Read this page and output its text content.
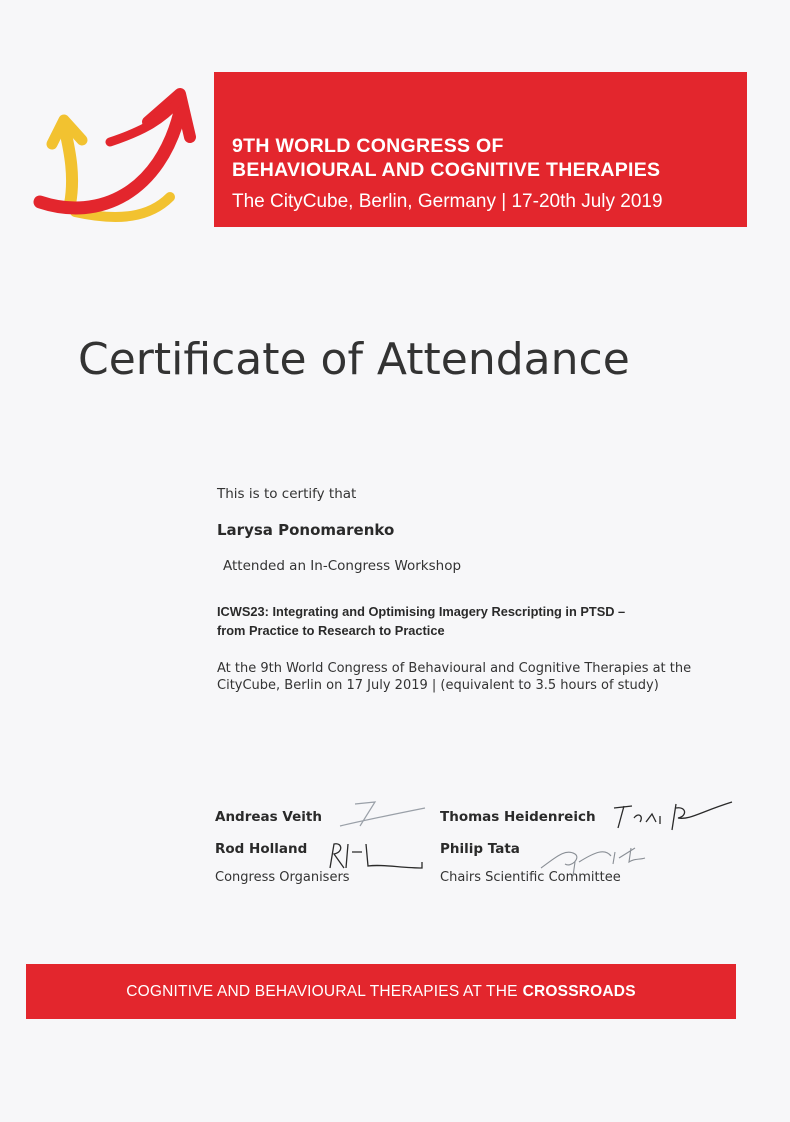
9TH WORLD CONGRESS OF
BEHAVIOURAL AND COGNITIVE THERAPIES
The CityCube, Berlin, Germany | 17-20th July 2019
Certificate of Attendance
This is to certify that
Larysa Ponomarenko
Attended an In-Congress Workshop
ICWS23: Integrating and Optimising Imagery Rescripting in PTSD –
from Practice to Research to Practice
At the 9th World Congress of Behavioural and Cognitive Therapies at the
CityCube, Berlin on 17 July 2019 | (equivalent to 3.5 hours of study)
Andreas Veith
Rod Holland
Congress Organisers
Thomas Heidenreich
Philip Tata
Chairs Scientific Committee
COGNITIVE AND BEHAVIOURAL THERAPIES AT THE CROSSROADS
